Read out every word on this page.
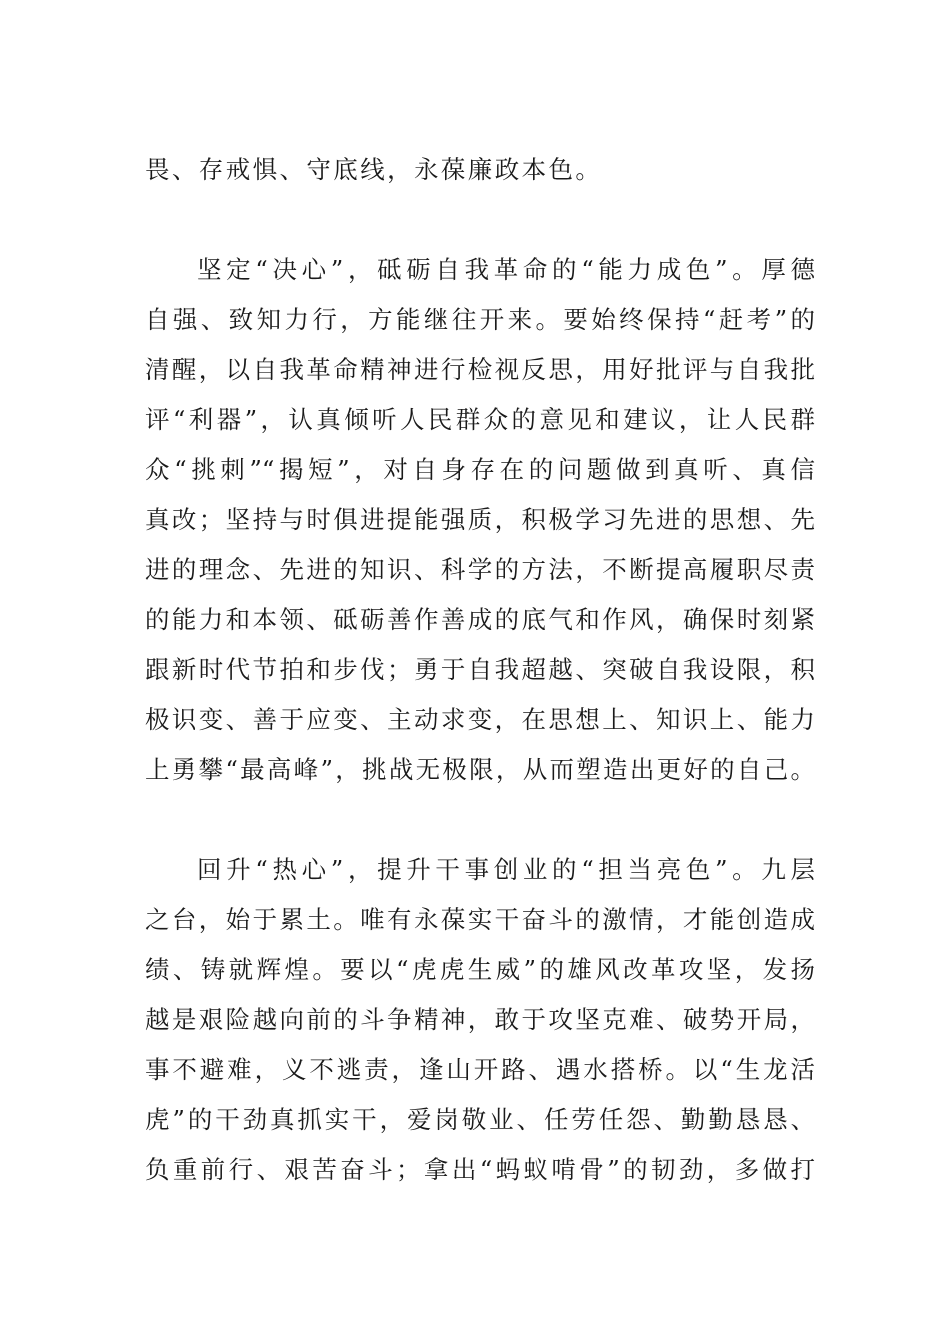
畏、存戒惧、守底线，永葆廉政本色。
坚定“决心”，砥砺自我革命的“能力成色”。厚德
自强、致知力行，方能继往开来。要始终保持“赶考”的
清醒，以自我革命精神进行检视反思，用好批评与自我批
评“利器”，认真倾听人民群众的意见和建议，让人民群
众“挑刺”“揭短”，对自身存在的问题做到真听、真信
真改；坚持与时俱进提能强质，积极学习先进的思想、先
进的理念、先进的知识、科学的方法，不断提高履职尽责
的能力和本领、砥砺善作善成的底气和作风，确保时刻紧
跟新时代节拍和步伐；勇于自我超越、突破自我设限，积
极识变、善于应变、主动求变，在思想上、知识上、能力
上勇攀“最高峰”，挑战无极限，从而塑造出更好的自己。
回升“热心”，提升干事创业的“担当亮色”。九层
之台，始于累土。唯有永葆实干奋斗的激情，才能创造成
绩、铸就辉煌。要以“虎虎生威”的雄风改革攻坚，发扬
越是艰险越向前的斗争精神，敢于攻坚克难、破势开局，
事不避难，义不逃责，逢山开路、遇水搭桥。以“生龙活
虎”的干劲真抓实干，爱岗敬业、任劳任怨、勤勤恳恳、
负重前行、艰苦奋斗；拿出“蚂蚁啃骨”的韧劲，多做打
